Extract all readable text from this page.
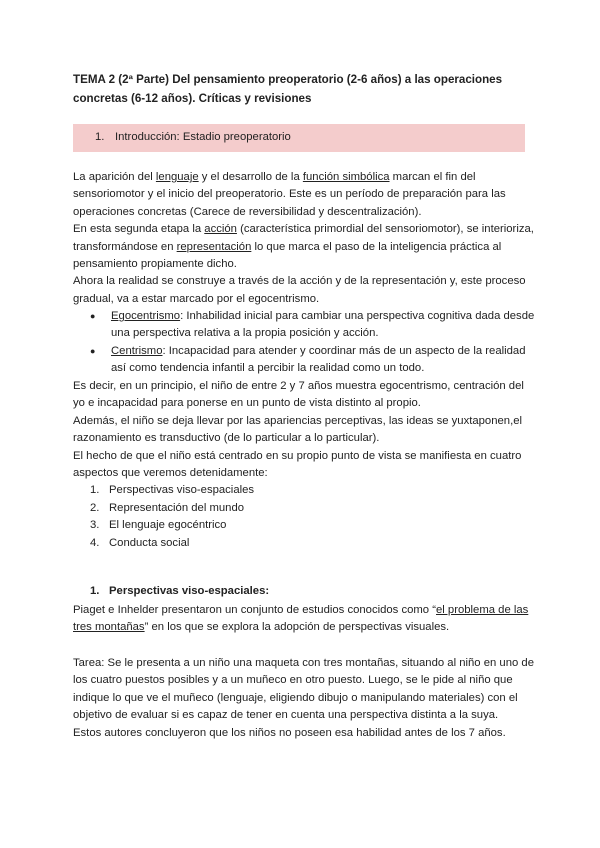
TEMA 2 (2ª Parte) Del pensamiento preoperatorio (2-6 años) a las operaciones
concretas (6-12 años). Críticas y revisiones
1. Introducción: Estadio preoperatorio
La aparición del lenguaje y el desarrollo de la función simbólica marcan el fin del
sensoriomotor y el inicio del preoperatorio. Este es un período de preparación para las
operaciones concretas (Carece de reversibilidad y descentralización).
En esta segunda etapa la acción (característica primordial del sensoriomotor), se interioriza,
transformándose en representación lo que marca el paso de la inteligencia práctica al
pensamiento propiamente dicho.
Ahora la realidad se construye a través de la acción y de la representación y, este proceso
gradual, va a estar marcado por el egocentrismo.
● Egocentrismo: Inhabilidad inicial para cambiar una perspectiva cognitiva dada desde
una perspectiva relativa a la propia posición y acción.
● Centrismo: Incapacidad para atender y coordinar más de un aspecto de la realidad
así como tendencia infantil a percibir la realidad como un todo.
Es decir, en un principio, el niño de entre 2 y 7 años muestra egocentrismo, centración del
yo e incapacidad para ponerse en un punto de vista distinto al propio.
Además, el niño se deja llevar por las apariencias perceptivas, las ideas se yuxtaponen,el
razonamiento es transductivo (de lo particular a lo particular).
El hecho de que el niño está centrado en su propio punto de vista se manifiesta en cuatro
aspectos que veremos detenidamente:
1. Perspectivas viso-espaciales
2. Representación del mundo
3. El lenguaje egocéntrico
4. Conducta social
1. Perspectivas viso-espaciales:
Piaget e Inhelder presentaron un conjunto de estudios conocidos como “el problema de las
tres montañas” en los que se explora la adopción de perspectivas visuales.
Tarea: Se le presenta a un niño una maqueta con tres montañas, situando al niño en uno de
los cuatro puestos posibles y a un muñeco en otro puesto. Luego, se le pide al niño que
indique lo que ve el muñeco (lenguaje, eligiendo dibujo o manipulando materiales) con el
objetivo de evaluar si es capaz de tener en cuenta una perspectiva distinta a la suya.
Estos autores concluyeron que los niños no poseen esa habilidad antes de los 7 años.
